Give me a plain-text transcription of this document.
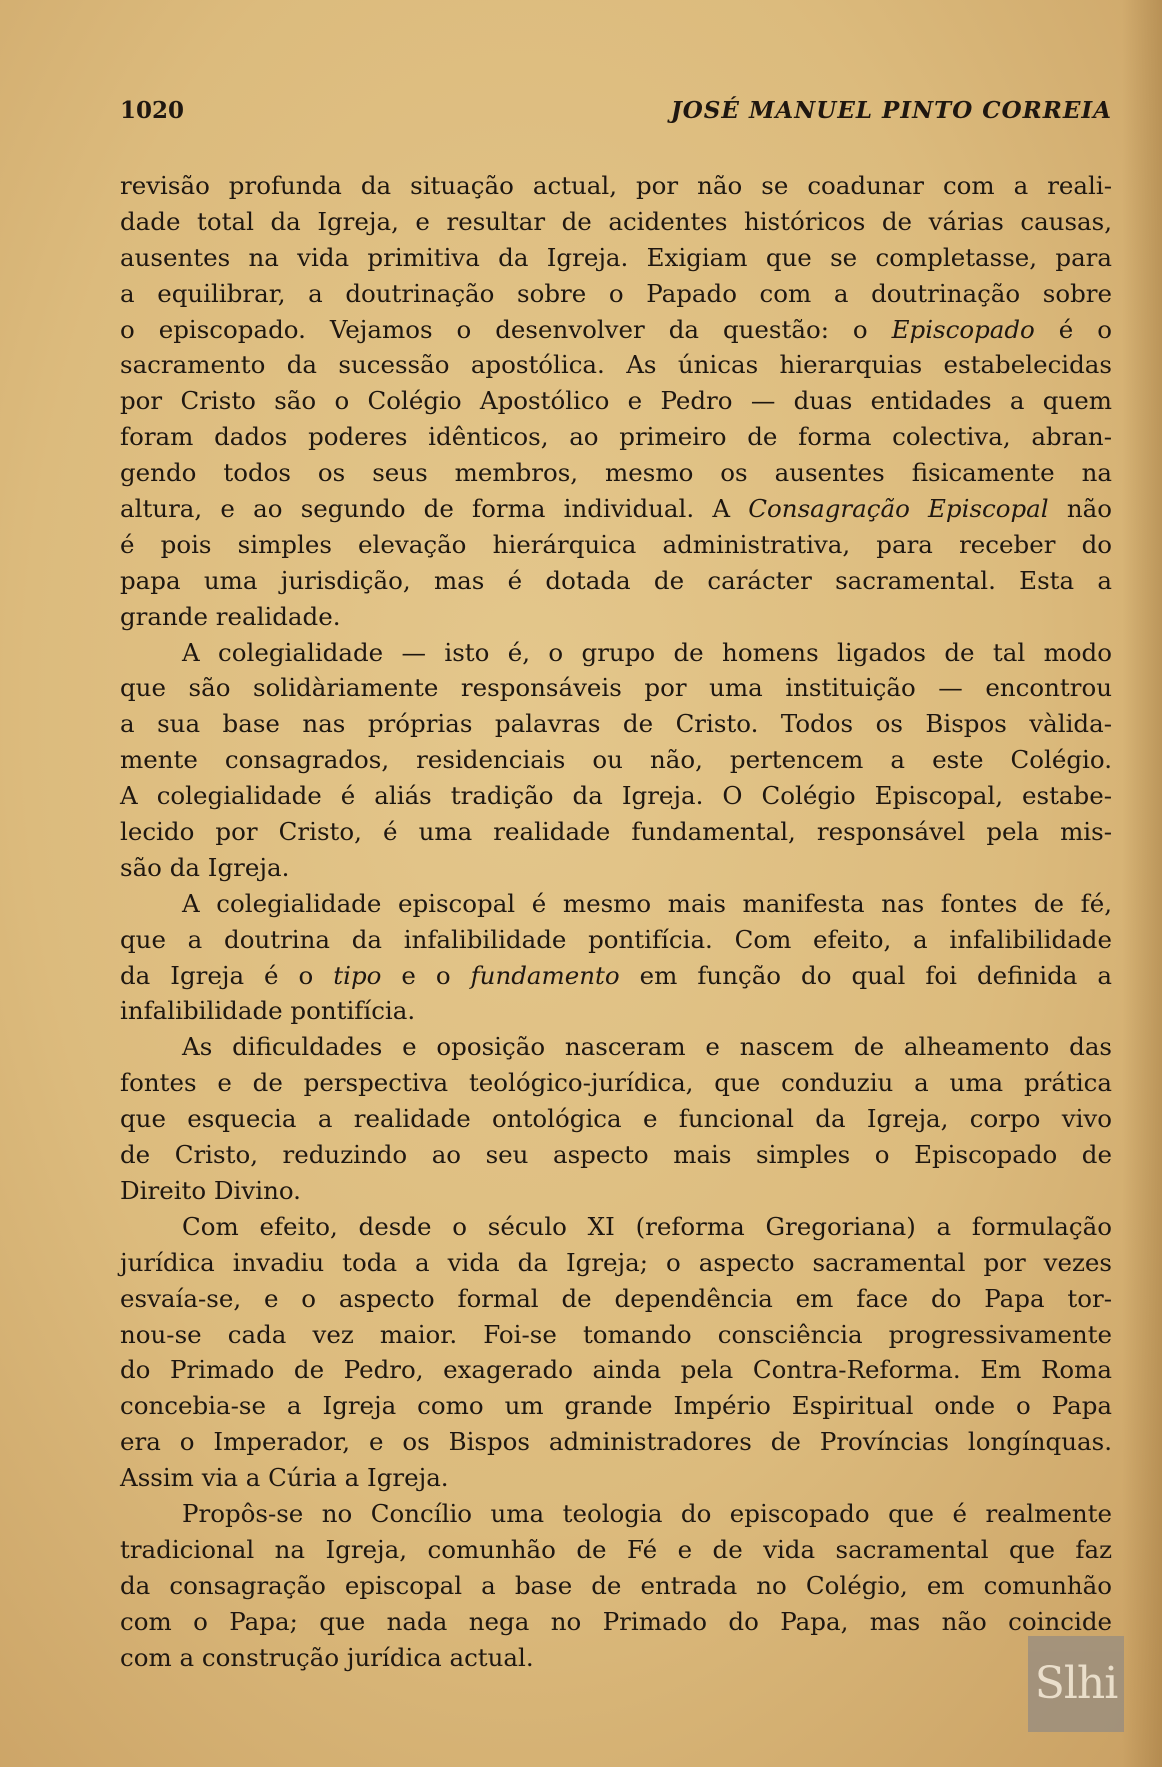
1020	JOSÉ MANUEL PINTO CORREIA
revisão profunda da situação actual, por não se coadunar com a reali-
dade total da Igreja, e resultar de acidentes históricos de várias causas,
ausentes na vida primitiva da Igreja. Exigiam que se completasse, para
a equilibrar, a doutrinação sobre o Papado com a doutrinação sobre
o episcopado. Vejamos o desenvolver da questão: o Episcopado é o
sacramento da sucessão apostólica. As únicas hierarquias estabelecidas
por Cristo são o Colégio Apostólico e Pedro — duas entidades a quem
foram dados poderes idênticos, ao primeiro de forma colectiva, abran-
gendo todos os seus membros, mesmo os ausentes fisicamente na
altura, e ao segundo de forma individual. A Consagração Episcopal não
é pois simples elevação hierárquica administrativa, para receber do
papa uma jurisdição, mas é dotada de carácter sacramental. Esta a
grande realidade.
A colegialidade — isto é, o grupo de homens ligados de tal modo
que são solidàriamente responsáveis por uma instituição — encontrou
a sua base nas próprias palavras de Cristo. Todos os Bispos vàlida-
mente consagrados, residenciais ou não, pertencem a este Colégio.
A colegialidade é aliás tradição da Igreja. O Colégio Episcopal, estabe-
lecido por Cristo, é uma realidade fundamental, responsável pela mis-
são da Igreja.
A colegialidade episcopal é mesmo mais manifesta nas fontes de fé,
que a doutrina da infalibilidade pontifícia. Com efeito, a infalibilidade
da Igreja é o tipo e o fundamento em função do qual foi definida a
infalibilidade pontifícia.
As dificuldades e oposição nasceram e nascem de alheamento das
fontes e de perspectiva teológico-jurídica, que conduziu a uma prática
que esquecia a realidade ontológica e funcional da Igreja, corpo vivo
de Cristo, reduzindo ao seu aspecto mais simples o Episcopado de
Direito Divino.
Com efeito, desde o século XI (reforma Gregoriana) a formulação
jurídica invadiu toda a vida da Igreja; o aspecto sacramental por vezes
esvaía-se, e o aspecto formal de dependência em face do Papa tor-
nou-se cada vez maior. Foi-se tomando consciência progressivamente
do Primado de Pedro, exagerado ainda pela Contra-Reforma. Em Roma
concebia-se a Igreja como um grande Império Espiritual onde o Papa
era o Imperador, e os Bispos administradores de Províncias longínquas.
Assim via a Cúria a Igreja.
Propôs-se no Concílio uma teologia do episcopado que é realmente
tradicional na Igreja, comunhão de Fé e de vida sacramental que faz
da consagração episcopal a base de entrada no Colégio, em comunhão
com o Papa; que nada nega no Primado do Papa, mas não coincide
com a construção jurídica actual.
Slhi
